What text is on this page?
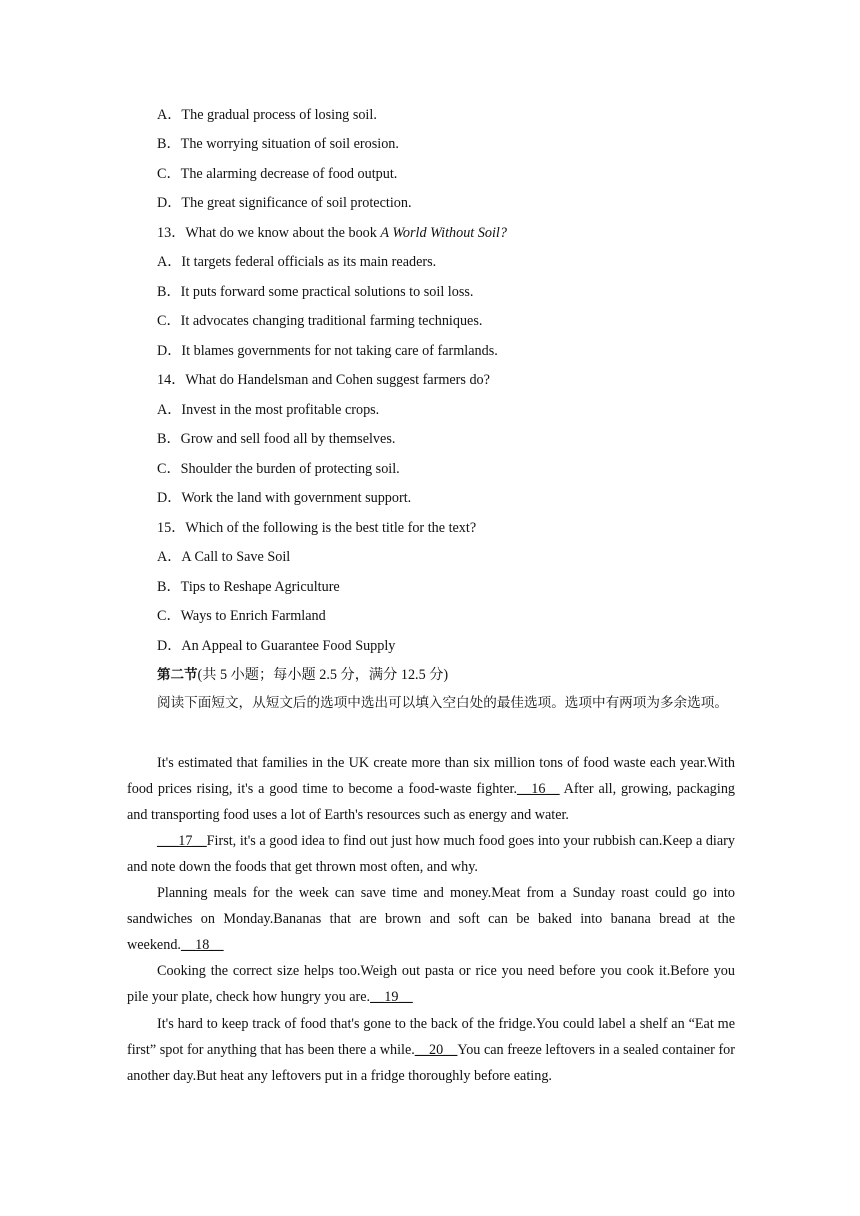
A．The gradual process of losing soil.
B．The worrying situation of soil erosion.
C．The alarming decrease of food output.
D．The great significance of soil protection.
13．What do we know about the book A World Without Soil?
A．It targets federal officials as its main readers.
B．It puts forward some practical solutions to soil loss.
C．It advocates changing traditional farming techniques.
D．It blames governments for not taking care of farmlands.
14．What do Handelsman and Cohen suggest farmers do?
A．Invest in the most profitable crops.
B．Grow and sell food all by themselves.
C．Shoulder the burden of protecting soil.
D．Work the land with government support.
15．Which of the following is the best title for the text?
A．A Call to Save Soil
B．Tips to Reshape Agriculture
C．Ways to Enrich Farmland
D．An Appeal to Guarantee Food Supply
第二节(共 5 小题；每小题 2.5 分，满分 12.5 分)
阅读下面短文，从短文后的选项中选出可以填入空白处的最佳选项。选项中有两项为多余选项。
It's estimated that families in the UK create more than six million tons of food waste each year.With food prices rising, it's a good time to become a food-waste fighter.__16__ After all, growing, packaging and transporting food uses a lot of Earth's resources such as energy and water.
___17__First, it's a good idea to find out just how much food goes into your rubbish can.Keep a diary and note down the foods that get thrown most often, and why.
Planning meals for the week can save time and money.Meat from a Sunday roast could go into sandwiches on Monday.Bananas that are brown and soft can be baked into banana bread at the weekend.__18__
Cooking the correct size helps too.Weigh out pasta or rice you need before you cook it.Before you pile your plate, check how hungry you are.__19__
It's hard to keep track of food that's gone to the back of the fridge.You could label a shelf an “Eat me first” spot for anything that has been there a while.__20__You can freeze leftovers in a sealed container for another day.But heat any leftovers put in a fridge thoroughly before eating.
